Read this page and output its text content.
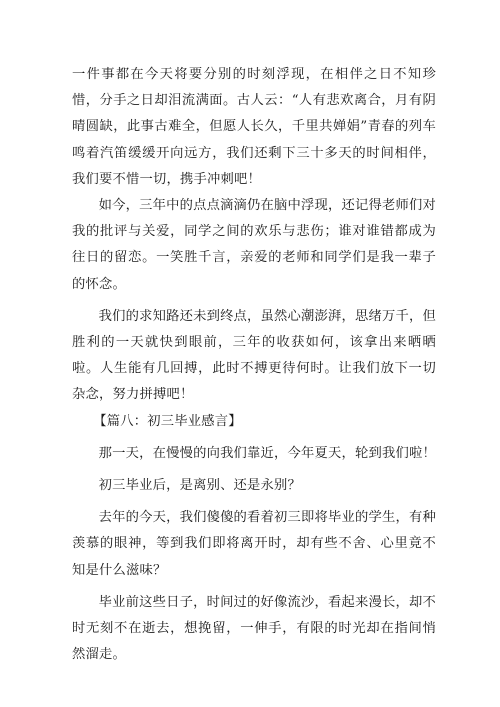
一件事都在今天将要分别的时刻浮现，在相伴之日不知珍惜，分手之日却泪流满面。古人云：“人有悲欢离合，月有阴晴圆缺，此事古难全，但愿人长久，千里共婵娟”青春的列车鸣着汽笛缓缓开向远方，我们还剩下三十多天的时间相伴，我们要不惜一切，携手冲刺吧！

如今，三年中的点点滴滴仍在脑中浮现，还记得老师们对我的批评与关爱，同学之间的欢乐与悲伤；谁对谁错都成为往日的留恋。一笑胜千言，亲爱的老师和同学们是我一辈子的怀念。

我们的求知路还未到终点，虽然心潮澎湃，思绪万千，但胜利的一天就快到眼前，三年的收获如何，该拿出来晒晒啦。人生能有几回搏，此时不搏更待何时。让我们放下一切杂念，努力拼搏吧！

【篇八：初三毕业感言】

那一天，在慢慢的向我们靠近，今年夏天，轮到我们啦！

初三毕业后，是离别、还是永别？

去年的今天，我们傻傻的看着初三即将毕业的学生，有种羡慕的眼神，等到我们即将离开时，却有些不舍、心里竟不知是什么滋味？

毕业前这些日子，时间过的好像流沙，看起来漫长，却不时无刻不在逝去，想挽留，一伸手，有限的时光却在指间悄然溜走。
